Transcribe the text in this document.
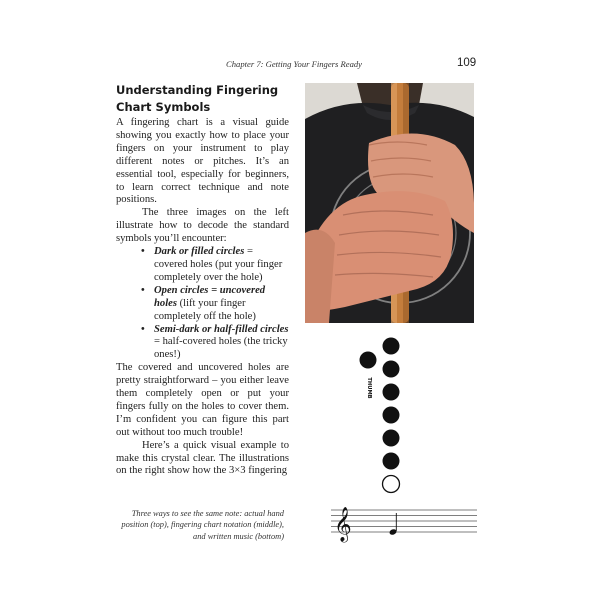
Chapter 7: Getting Your Fingers Ready	109
Understanding Fingering Chart Symbols

A fingering chart is a visual guide showing you exactly how to place your fingers on your instrument to play different notes or pitches. It’s an essential tool, especially for beginners, to learn correct technique and note positions.

The three images on the left illustrate how to decode the standard symbols you’ll encounter:

• Dark or filled circles = covered holes (put your finger completely over the hole)
• Open circles = uncovered holes (lift your finger completely off the hole)
• Semi-dark or half-filled circles = half-covered holes (the tricky ones!)

The covered and uncovered holes are pretty straightforward – you either leave them completely open or put your fingers fully on the holes to cover them. I’m confident you can figure this part out without too much trouble!

Here’s a quick visual example to make this crystal clear. The illustrations on the right show how the 3×3 fingering

THUMB

Three ways to see the same note: actual hand position (top), fingering chart notation (middle), and written music (bottom) 𝄞
